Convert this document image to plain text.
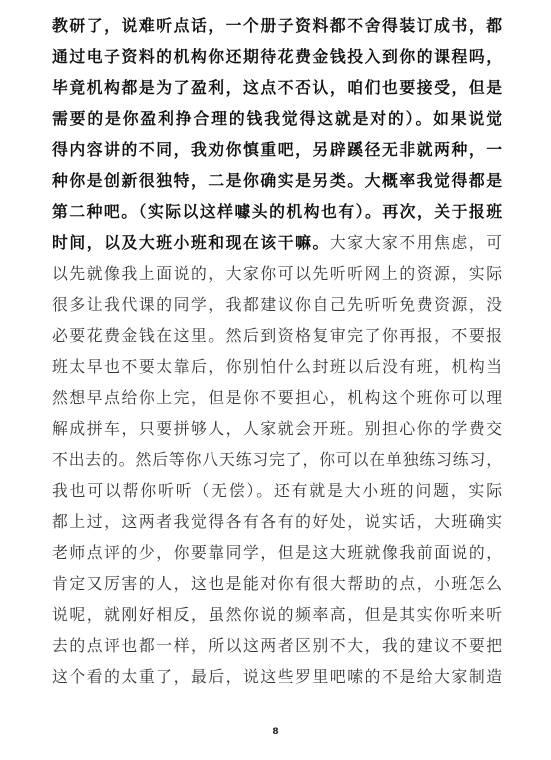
教研了，说难听点话，一个册子资料都不舍得装订成书，都
通过电子资料的机构你还期待花费金钱投入到你的课程吗，
毕竟机构都是为了盈利，这点不否认，咱们也要接受，但是
需要的是你盈利挣合理的钱我觉得这就是对的）。如果说觉
得内容讲的不同，我劝你慎重吧，另辟蹊径无非就两种，一
种你是创新很独特，二是你确实是另类。大概率我觉得都是
第二种吧。（实际以这样噱头的机构也有）。再次，关于报班
时间，以及大班小班和现在该干嘛。大家大家不用焦虑，可
以先就像我上面说的，大家你可以先听听网上的资源，实际
很多让我代课的同学，我都建议你自己先听听免费资源，没
必要花费金钱在这里。然后到资格复审完了你再报，不要报
班太早也不要太靠后，你别怕什么封班以后没有班，机构当
然想早点给你上完，但是你不要担心，机构这个班你可以理
解成拼车，只要拼够人，人家就会开班。别担心你的学费交
不出去的。然后等你八天练习完了，你可以在单独练习练习，
我也可以帮你听听（无偿）。还有就是大小班的问题，实际
都上过，这两者我觉得各有各有的好处，说实话，大班确实
老师点评的少，你要靠同学，但是这大班就像我前面说的，
肯定又厉害的人，这也是能对你有很大帮助的点，小班怎么
说呢，就刚好相反，虽然你说的频率高，但是其实你听来听
去的点评也都一样，所以这两者区别不大，我的建议不要把
这个看的太重了，最后，说这些罗里吧嗦的不是给大家制造
8
